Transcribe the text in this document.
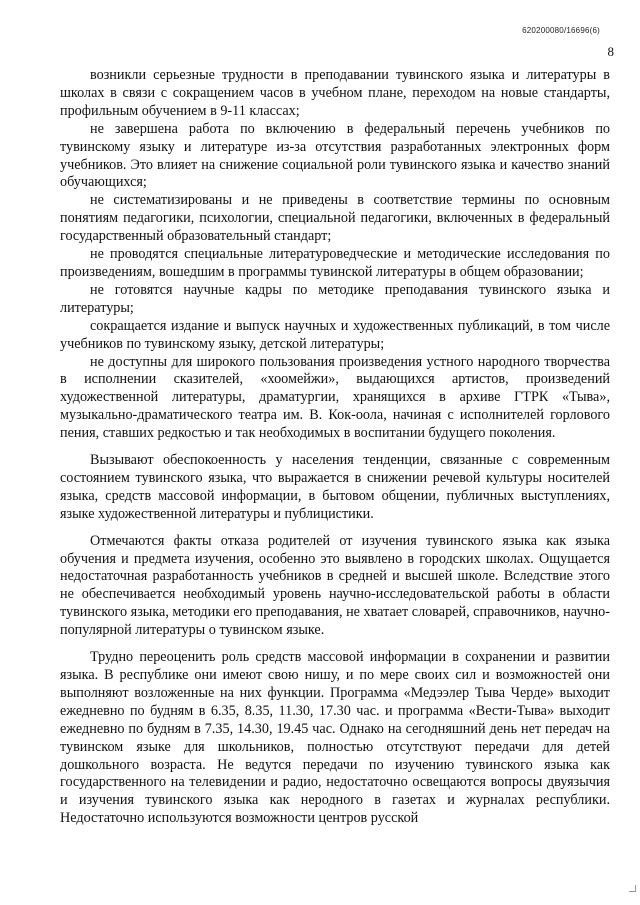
620200080/16696(6)
8

возникли серьезные трудности в преподавании тувинского языка и литературы в школах в связи с сокращением часов в учебном плане, переходом на новые стандарты, профильным обучением в 9-11 классах;

не завершена работа по включению в федеральный перечень учебников по тувинскому языку и литературе из-за отсутствия разработанных электронных форм учебников. Это влияет на снижение социальной роли тувинского языка и качество знаний обучающихся;

не систематизированы и не приведены в соответствие термины по основным понятиям педагогики, психологии, специальной педагогики, включенных в федеральный государственный образовательный стандарт;

не проводятся специальные литературоведческие и методические исследования по произведениям, вошедшим в программы тувинской литературы в общем образовании;

не готовятся научные кадры по методике преподавания тувинского языка и литературы;

сокращается издание и выпуск научных и художественных публикаций, в том числе учебников по тувинскому языку, детской литературы;

не доступны для широкого пользования произведения устного народного творчества в исполнении сказителей, «хоомейжи», выдающихся артистов, произведений художественной литературы, драматургии, хранящихся в архиве ГТРК «Тыва», музыкально-драматического театра им. В. Кок-оола, начиная с исполнителей горлового пения, ставших редкостью и так необходимых в воспитании будущего поколения.

Вызывают обеспокоенность у населения тенденции, связанные с современным состоянием тувинского языка, что выражается в снижении речевой культуры носителей языка, средств массовой информации, в бытовом общении, публичных выступлениях, языке художественной литературы и публицистики.

Отмечаются факты отказа родителей от изучения тувинского языка как языка обучения и предмета изучения, особенно это выявлено в городских школах. Ощущается недостаточная разработанность учебников в средней и высшей школе. Вследствие этого не обеспечивается необходимый уровень научно-исследовательской работы в области тувинского языка, методики его преподавания, не хватает словарей, справочников, научно-популярной литературы о тувинском языке.

Трудно переоценить роль средств массовой информации в сохранении и развитии языка. В республике они имеют свою нишу, и по мере своих сил и возможностей они выполняют возложенные на них функции. Программа «Медээлер Тыва Черде» выходит ежедневно по будням в 6.35, 8.35, 11.30, 17.30 час. и программа «Вести-Тыва» выходит ежедневно по будням в 7.35, 14.30, 19.45 час. Однако на сегодняшний день нет передач на тувинском языке для школьников, полностью отсутствуют передачи для детей дошкольного возраста. Не ведутся передачи по изучению тувинского языка как государственного на телевидении и радио, недостаточно освещаются вопросы двуязычия и изучения тувинского языка как неродного в газетах и журналах республики. Недостаточно используются возможности центров русской
